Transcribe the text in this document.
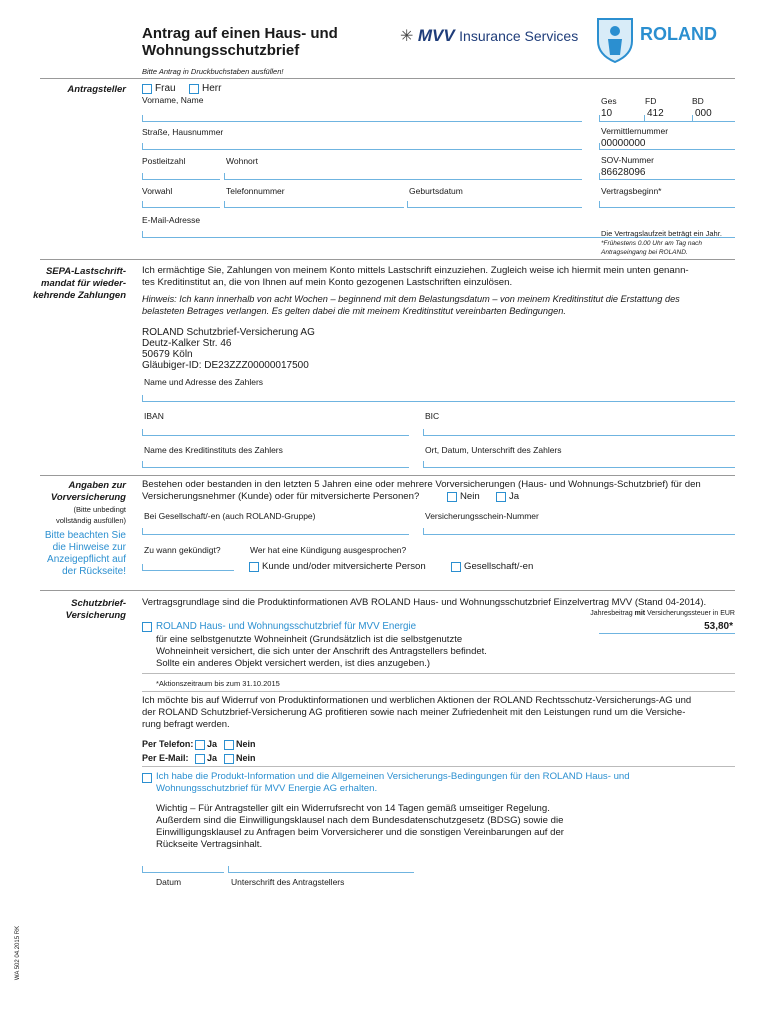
Antrag auf einen Haus- und
Wohnungsschutzbrief
✳ MVV Insurance Services	ROLAND
Bitte Antrag in Druckbuchstaben ausfüllen!
Antragsteller	Frau	Herr
Vorname, Name	Ges	FD	BD
10	412	000
Straße, Hausnummer	Vermittlernummer
00000000
Postleitzahl	Wohnort	SOV-Nummer
86628096
Vorwahl	Telefonnummer	Geburtsdatum	Vertragsbeginn*
E-Mail-Adresse
Die Vertragslaufzeit beträgt ein Jahr.
*Frühestens 0.00 Uhr am Tag nach
Antragseingang bei ROLAND.
SEPA-Lastschrift-
mandat für wieder-
kehrende Zahlungen
Ich ermächtige Sie, Zahlungen von meinem Konto mittels Lastschrift einzuziehen. Zugleich weise ich hiermit mein unten genann-
tes Kreditinstitut an, die von Ihnen auf mein Konto gezogenen Lastschriften einzulösen.
Hinweis: Ich kann innerhalb von acht Wochen – beginnend mit dem Belastungsdatum – von meinem Kreditinstitut die Erstattung des
belasteten Betrages verlangen. Es gelten dabei die mit meinem Kreditinstitut vereinbarten Bedingungen.
ROLAND Schutzbrief-Versicherung AG
Deutz-Kalker Str. 46
50679 Köln
Gläubiger-ID: DE23ZZZ00000017500
Name und Adresse des Zahlers
IBAN	BIC
Name des Kreditinstituts des Zahlers	Ort, Datum, Unterschrift des Zahlers
Angaben zur
Vorversicherung
(Bitte unbedingt
vollständig ausfüllen)
Bitte beachten Sie
die Hinweise zur
Anzeigepflicht auf
der Rückseite!
Bestehen oder bestanden in den letzten 5 Jahren eine oder mehrere Vorversicherungen (Haus- und Wohnungs-Schutzbrief) für den
Versicherungsnehmer (Kunde) oder für mitversicherte Personen?	Nein	Ja
Bei Gesellschaft/-en (auch ROLAND-Gruppe)	Versicherungsschein-Nummer
Zu wann gekündigt?	Wer hat eine Kündigung ausgesprochen?
Kunde und/oder mitversicherte Person	Gesellschaft/-en
Schutzbrief-
Versicherung
Vertragsgrundlage sind die Produktinformationen AVB ROLAND Haus- und Wohnungsschutzbrief Einzelvertrag MVV (Stand 04-2014).
Jahresbeitrag mit Versicherungssteuer in EUR
ROLAND Haus- und Wohnungsschutzbrief für MVV Energie	53,80*
für eine selbstgenutzte Wohneinheit (Grundsätzlich ist die selbstgenutzte
Wohneinheit versichert, die sich unter der Anschrift des Antragstellers befindet.
Sollte ein anderes Objekt versichert werden, ist dies anzugeben.)
*Aktionszeitraum bis zum 31.10.2015
Ich möchte bis auf Widerruf von Produktinformationen und werblichen Aktionen der ROLAND Rechtsschutz-Versicherungs-AG und
der ROLAND Schutzbrief-Versicherung AG profitieren sowie nach meiner Zufriedenheit mit den Leistungen rund um die Versiche-
rung befragt werden.
Per Telefon: Ja Nein
Per E-Mail: Ja Nein
Ich habe die Produkt-Information und die Allgemeinen Versicherungs-Bedingungen für den ROLAND Haus- und
Wohnungsschutzbrief für MVV Energie AG erhalten.
Wichtig – Für Antragsteller gilt ein Widerrufsrecht von 14 Tagen gemäß umseitiger Regelung.
Außerdem sind die Einwilligungsklausel nach dem Bundesdatenschutzgesetz (BDSG) sowie die
Einwilligungsklausel zu Anfragen beim Vorversicherer und die sonstigen Vereinbarungen auf der
Rückseite Vertragsinhalt.
Datum	Unterschrift des Antragstellers
WA 502 04.2015 RK
